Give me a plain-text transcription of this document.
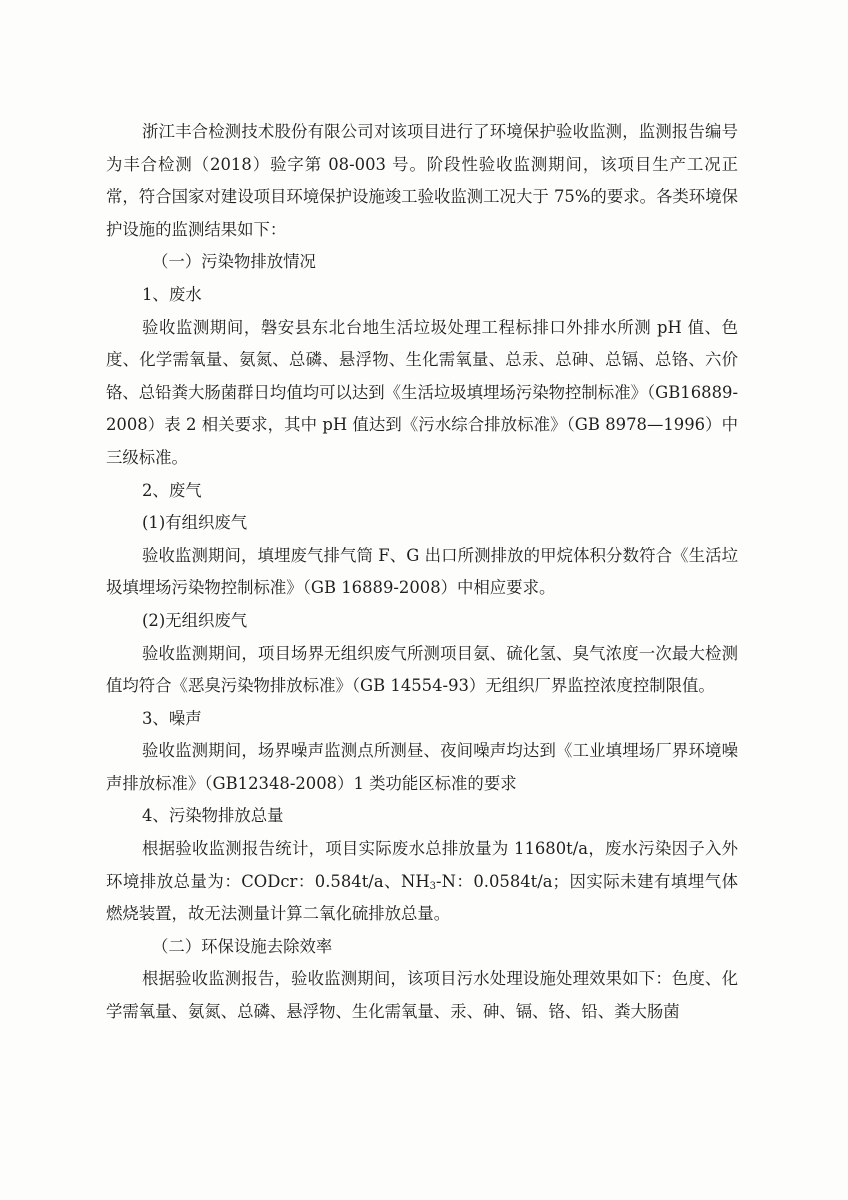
浙江丰合检测技术股份有限公司对该项目进行了环境保护验收监测，监测报告编号为丰合检测（2018）验字第 08-003 号。阶段性验收监测期间，该项目生产工况正常，符合国家对建设项目环境保护设施竣工验收监测工况大于 75%的要求。各类环境保护设施的监测结果如下：

（一）污染物排放情况

1、废水

验收监测期间，磐安县东北台地生活垃圾处理工程标排口外排水所测 pH 值、色度、化学需氧量、氨氮、总磷、悬浮物、生化需氧量、总汞、总砷、总镉、总铬、六价铬、总铅粪大肠菌群日均值均可以达到《生活垃圾填埋场污染物控制标准》（GB16889-2008）表 2 相关要求，其中 pH 值达到《污水综合排放标准》（GB 8978—1996）中三级标准。

2、废气

(1)有组织废气

验收监测期间，填埋废气排气筒 F、G 出口所测排放的甲烷体积分数符合《生活垃圾填埋场污染物控制标准》（GB 16889-2008）中相应要求。

(2)无组织废气

验收监测期间，项目场界无组织废气所测项目氨、硫化氢、臭气浓度一次最大检测值均符合《恶臭污染物排放标准》（GB 14554-93）无组织厂界监控浓度控制限值。

3、噪声

验收监测期间，场界噪声监测点所测昼、夜间噪声均达到《工业填埋场厂界环境噪声排放标准》（GB12348-2008）1 类功能区标准的要求

4、污染物排放总量

根据验收监测报告统计，项目实际废水总排放量为 11680t/a，废水污染因子入外环境排放总量为：CODcr：0.584t/a、$NH_3-N$：0.0584t/a；因实际未建有填埋气体燃烧装置，故无法测量计算二氧化硫排放总量。

（二）环保设施去除效率

根据验收监测报告，验收监测期间，该项目污水处理设施处理效果如下：色度、化学需氧量、氨氮、总磷、悬浮物、生化需氧量、汞、砷、镉、铬、铅、粪大肠菌
